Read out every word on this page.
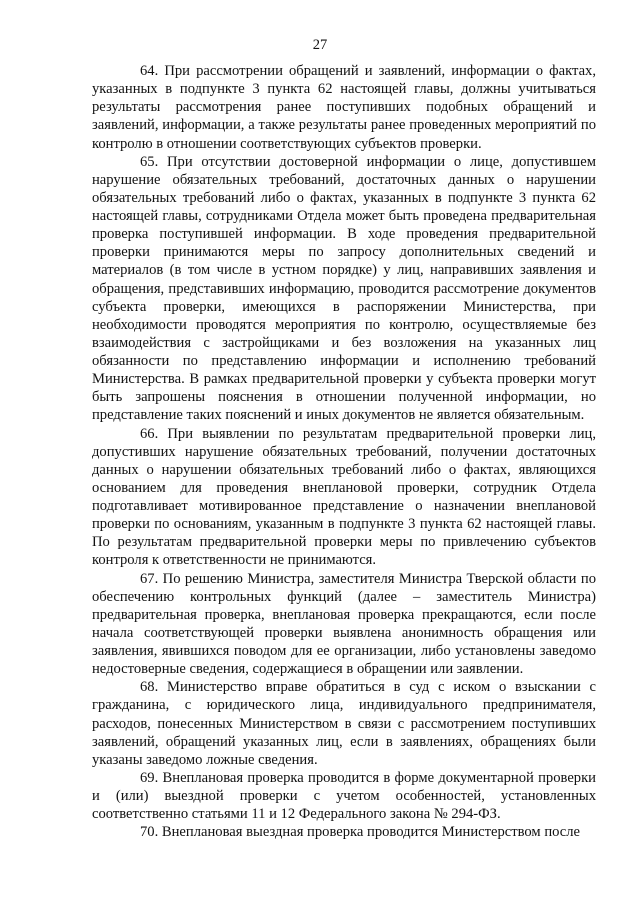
27

64. При рассмотрении обращений и заявлений, информации о фактах, указанных в подпункте 3 пункта 62 настоящей главы, должны учитываться результаты рассмотрения ранее поступивших подобных обращений и заявлений, информации, а также результаты ранее проведенных мероприятий по контролю в отношении соответствующих субъектов проверки.

65. При отсутствии достоверной информации о лице, допустившем нарушение обязательных требований, достаточных данных о нарушении обязательных требований либо о фактах, указанных в подпункте 3 пункта 62 настоящей главы, сотрудниками Отдела может быть проведена предварительная проверка поступившей информации. В ходе проведения предварительной проверки принимаются меры по запросу дополнительных сведений и материалов (в том числе в устном порядке) у лиц, направивших заявления и обращения, представивших информацию, проводится рассмотрение документов субъекта проверки, имеющихся в распоряжении Министерства, при необходимости проводятся мероприятия по контролю, осуществляемые без взаимодействия с застройщиками и без возложения на указанных лиц обязанности по представлению информации и исполнению требований Министерства. В рамках предварительной проверки у субъекта проверки могут быть запрошены пояснения в отношении полученной информации, но представление таких пояснений и иных документов не является обязательным.

66. При выявлении по результатам предварительной проверки лиц, допустивших нарушение обязательных требований, получении достаточных данных о нарушении обязательных требований либо о фактах, являющихся основанием для проведения внеплановой проверки, сотрудник Отдела подготавливает мотивированное представление о назначении внеплановой проверки по основаниям, указанным в подпункте 3 пункта 62 настоящей главы. По результатам предварительной проверки меры по привлечению субъектов контроля к ответственности не принимаются.

67. По решению Министра, заместителя Министра Тверской области по обеспечению контрольных функций (далее – заместитель Министра) предварительная проверка, внеплановая проверка прекращаются, если после начала соответствующей проверки выявлена анонимность обращения или заявления, явившихся поводом для ее организации, либо установлены заведомо недостоверные сведения, содержащиеся в обращении или заявлении.

68. Министерство вправе обратиться в суд с иском о взыскании с гражданина, с юридического лица, индивидуального предпринимателя, расходов, понесенных Министерством в связи с рассмотрением поступивших заявлений, обращений указанных лиц, если в заявлениях, обращениях были указаны заведомо ложные сведения.

69. Внеплановая проверка проводится в форме документарной проверки и (или) выездной проверки с учетом особенностей, установленных соответственно статьями 11 и 12 Федерального закона № 294-ФЗ.

70. Внеплановая выездная проверка проводится Министерством после
